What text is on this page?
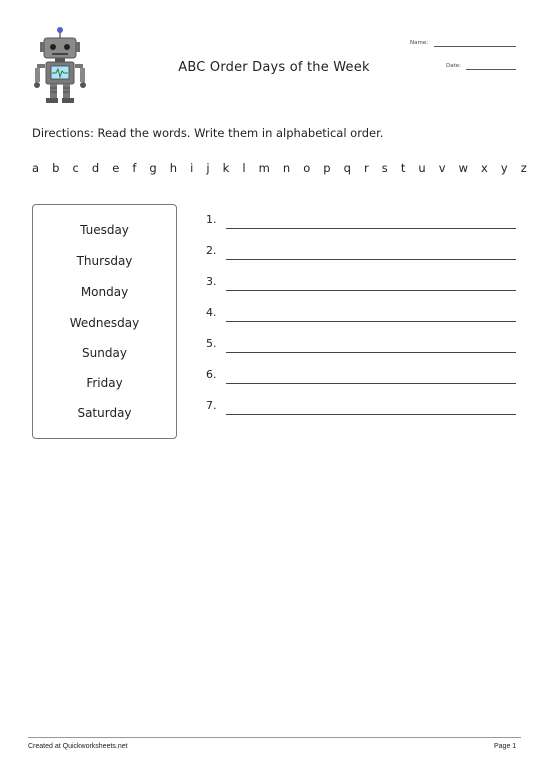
Name:
Date:
ABC Order Days of the Week
Directions: Read the words. Write them in alphabetical order.
a b c d e f g h i j k l m n o p q r s t u v w x y z
Tuesday
Thursday
Monday
Wednesday
Sunday
Friday
Saturday
1.
2.
3.
4.
5.
6.
7.
Created at Quickworksheets.net	Page 1
